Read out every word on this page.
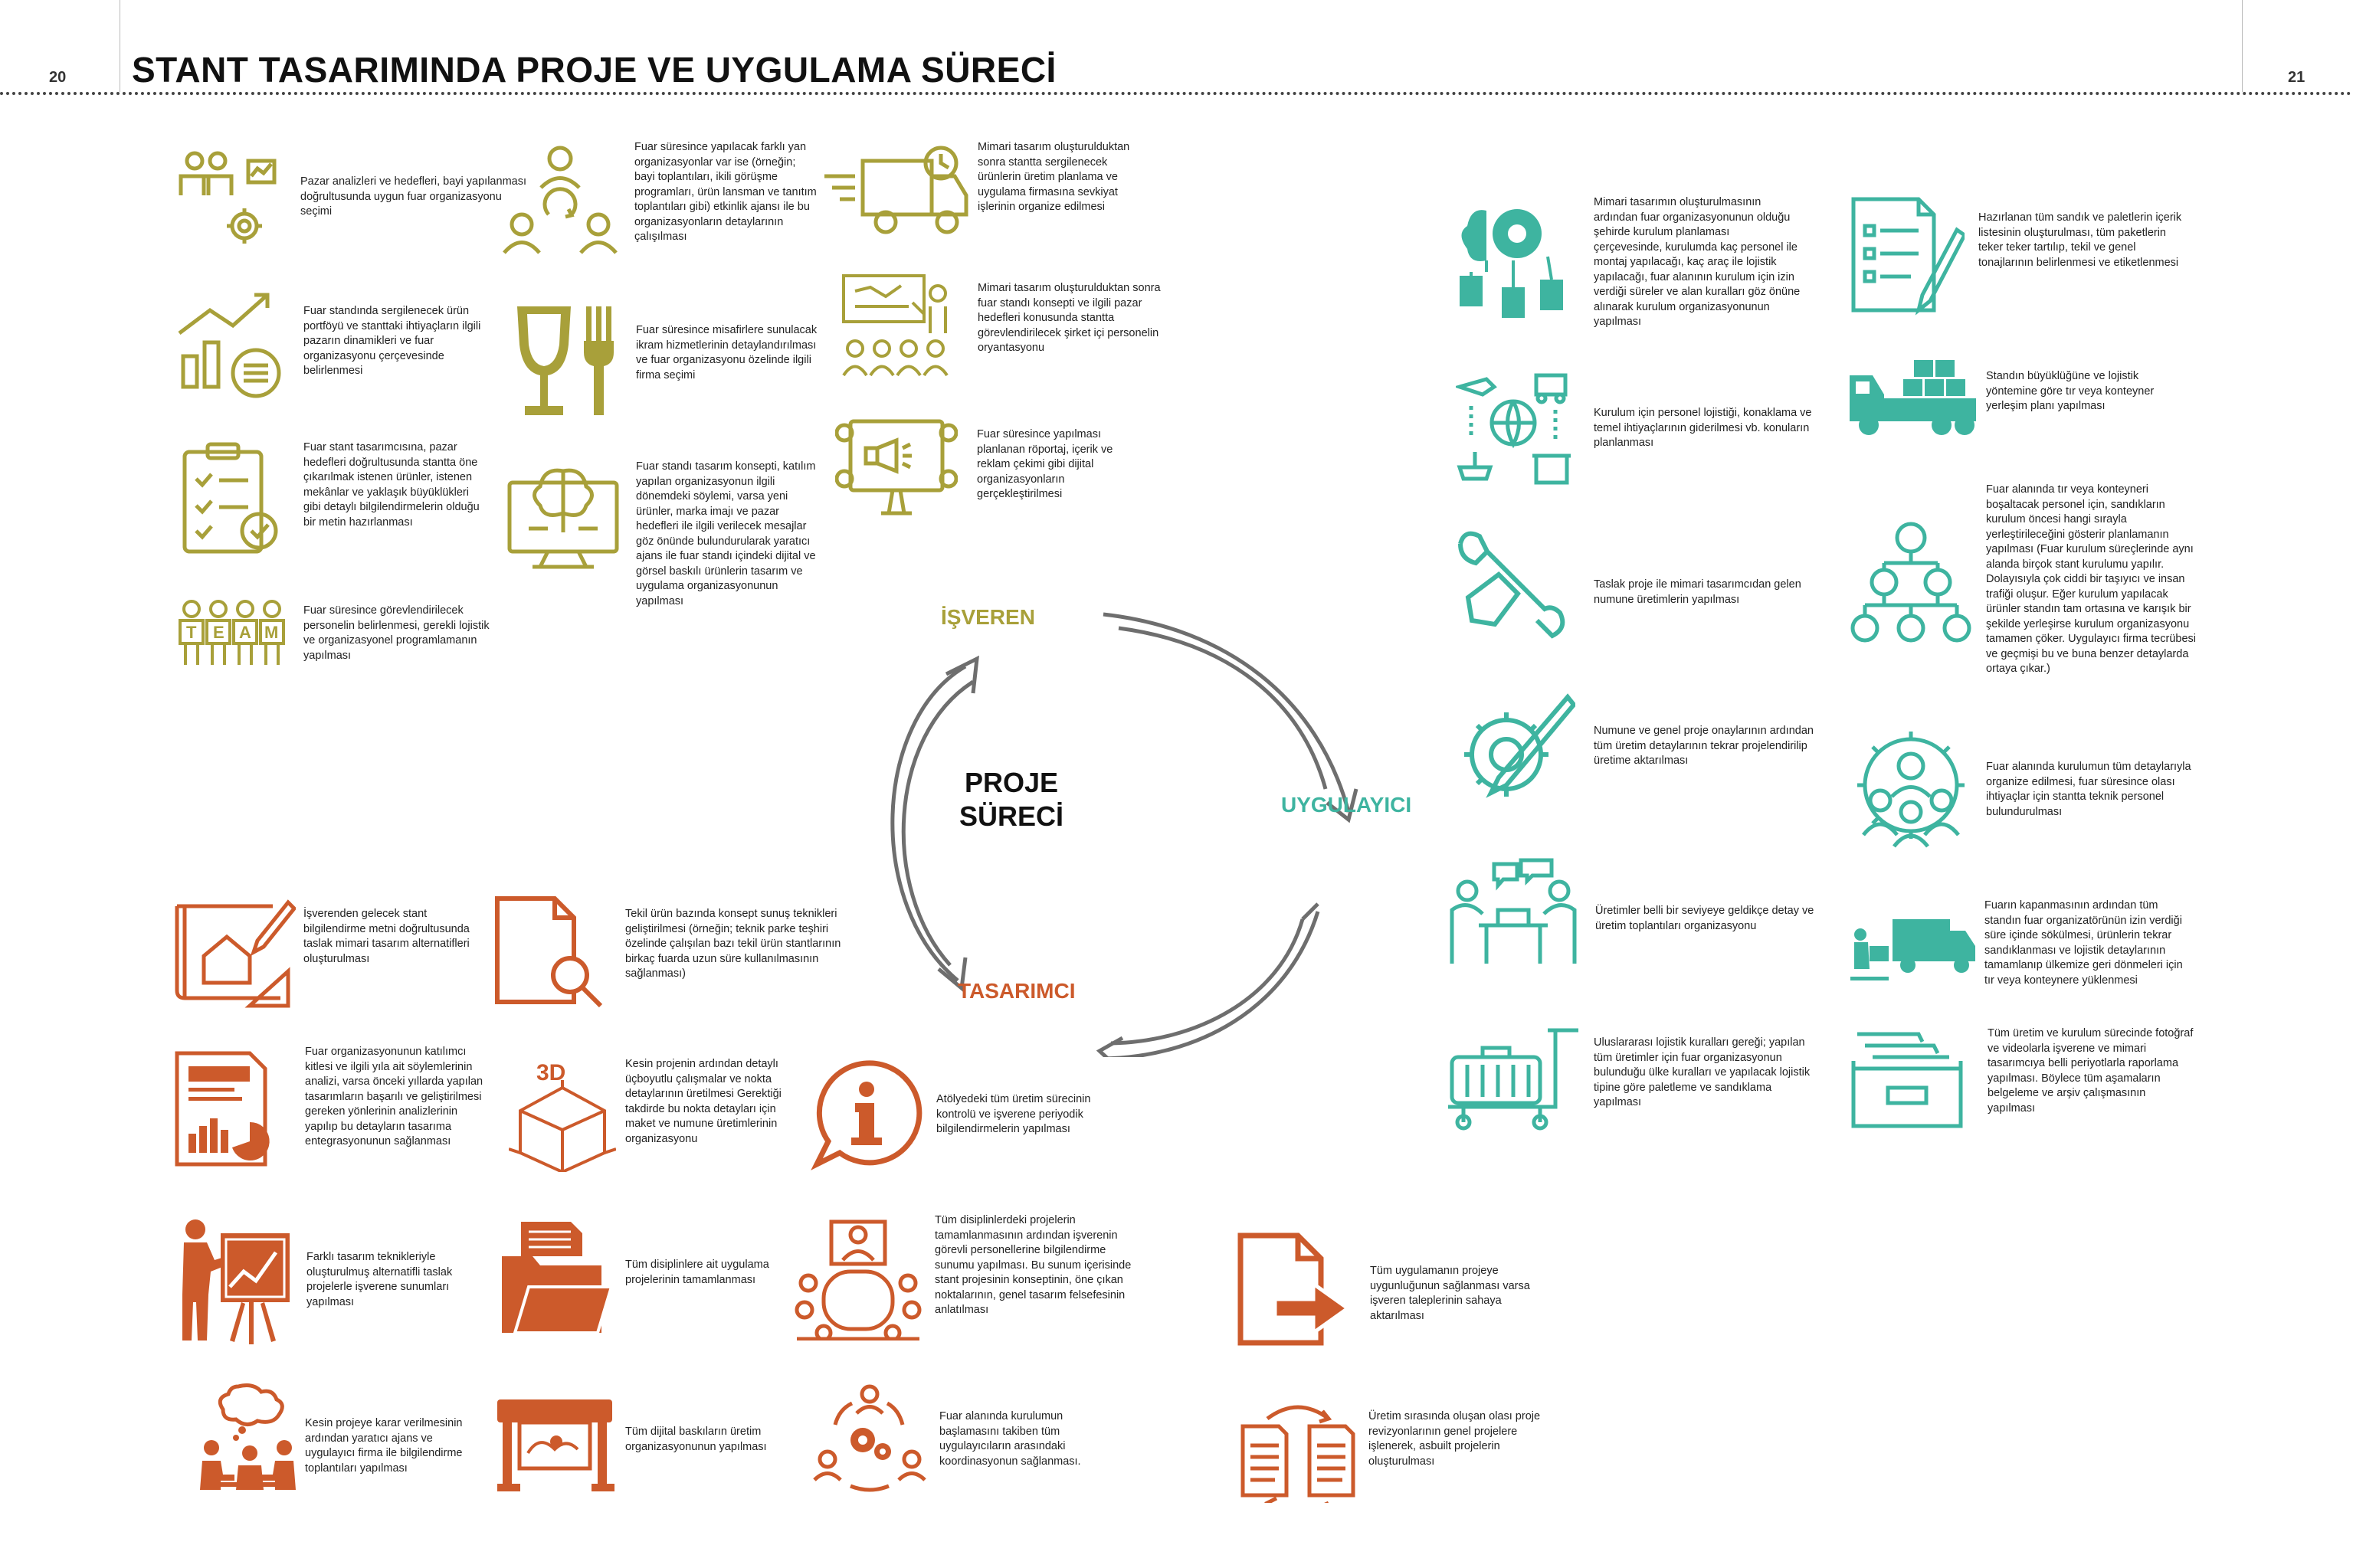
20	21
STANT TASARIMINDA PROJE VE UYGULAMA SÜRECİ
PROJE
SÜRECİ
İŞVEREN
UYGULAYICI
TASARIMCI
Pazar analizleri ve hedefleri, bayi yapılanması doğrultusunda uygun fuar organizasyonu seçimi
Fuar standında sergilenecek ürün portföyü ve stanttaki ihtiyaçların ilgili pazarın dinamikleri ve fuar organizasyonu çerçevesinde belirlenmesi
Fuar stant tasarımcısına, pazar hedefleri doğrultusunda stantta öne çıkarılmak istenen ürünler, istenen mekânlar ve yaklaşık büyüklükleri gibi detaylı bilgilendirmelerin olduğu bir metin hazırlanması
T E A M
Fuar süresince görevlendirilecek personelin belirlenmesi, gerekli lojistik ve organizasyonel programlamanın yapılması
Fuar süresince yapılacak farklı yan organizasyonlar var ise (örneğin; bayi toplantıları, ikili görüşme programları, ürün lansman ve tanıtım toplantıları gibi) etkinlik ajansı ile bu organizasyonların detaylarının çalışılması
Fuar süresince misafirlere sunulacak ikram hizmetlerinin detaylandırılması ve fuar organizasyonu özelinde ilgili firma seçimi
Fuar standı tasarım konsepti, katılım yapılan organizasyonun ilgili dönemdeki söylemi, varsa yeni ürünler, marka imajı ve pazar hedefleri ile ilgili verilecek mesajlar göz önünde bulundurularak yaratıcı ajans ile fuar standı içindeki dijital ve görsel baskılı ürünlerin tasarım ve uygulama organizasyonunun yapılması
Mimari tasarım oluşturulduktan sonra stantta sergilenecek ürünlerin üretim planlama ve uygulama firmasına sevkiyat işlerinin organize edilmesi
Mimari tasarım oluşturulduktan sonra fuar standı konsepti ve ilgili pazar hedefleri konusunda stantta görevlendirilecek şirket içi personelin oryantasyonu
Fuar süresince yapılması planlanan röportaj, içerik ve reklam çekimi gibi dijital organizasyonların gerçekleştirilmesi
Mimari tasarımın oluşturulmasının ardından fuar organizasyonunun olduğu şehirde kurulum planlaması çerçevesinde, kurulumda kaç personel ile montaj yapılacağı, kaç araç ile lojistik yapılacağı, fuar alanının kurulum için izin verdiği süreler ve alan kuralları göz önüne alınarak kurulum organizasyonunun yapılması
Kurulum için personel lojistiği, konaklama ve temel ihtiyaçlarının giderilmesi vb. konuların planlanması
Taslak proje ile mimari tasarımcıdan gelen numune üretimlerin yapılması
Numune ve genel proje onaylarının ardından tüm üretim detaylarının tekrar projelendirilip üretime aktarılması
Üretimler belli bir seviyeye geldikçe detay ve üretim toplantıları organizasyonu
Uluslararası lojistik kuralları gereği; yapılan tüm üretimler için fuar organizasyonun bulunduğu ülke kuralları ve yapılacak lojistik tipine göre paletleme ve sandıklama yapılması
Hazırlanan tüm sandık ve paletlerin içerik listesinin oluşturulması, tüm paketlerin teker teker tartılıp, tekil ve genel tonajlarının belirlenmesi ve etiketlenmesi
Standın büyüklüğüne ve lojistik yöntemine göre tır veya konteyner yerleşim planı yapılması
Fuar alanında tır veya konteyneri boşaltacak personel için, sandıkların kurulum öncesi hangi sırayla yerleştirileceğini gösterir planlamanın yapılması (Fuar kurulum süreçlerinde aynı alanda birçok stant kurulumu yapılır. Dolayısıyla çok ciddi bir taşıyıcı ve insan trafiği oluşur. Eğer kurulum yapılacak ürünler standın tam ortasına ve karışık bir şekilde yerleşirse kurulum organizasyonu tamamen çöker. Uygulayıcı firma tecrübesi ve geçmişi bu ve buna benzer detaylarda ortaya çıkar.)
Fuar alanında kurulumun tüm detaylarıyla organize edilmesi, fuar süresince olası ihtiyaçlar için stantta teknik personel bulundurulması
Fuarın kapanmasının ardından tüm standın fuar organizatörünün izin verdiği süre içinde sökülmesi, ürünlerin tekrar sandıklanması ve lojistik detaylarının tamamlanıp ülkemize geri dönmeleri için tır veya konteynere yüklenmesi
Tüm üretim ve kurulum sürecinde fotoğraf ve videolarla işverene ve mimari tasarımcıya belli periyotlarla raporlama yapılması. Böylece tüm aşamaların belgeleme ve arşiv çalışmasının yapılması
İşverenden gelecek stant bilgilendirme metni doğrultusunda taslak mimari tasarım alternatifleri oluşturulması
Tekil ürün bazında konsept sunuş teknikleri geliştirilmesi (örneğin; teknik parke teşhiri özelinde çalışılan bazı tekil ürün stantlarının birkaç fuarda uzun süre kullanılmasının sağlanması)
Fuar organizasyonunun katılımcı kitlesi ve ilgili yıla ait söylemlerinin analizi, varsa önceki yıllarda yapılan tasarımların başarılı ve geliştirilmesi gereken yönlerinin analizlerinin yapılıp bu detayların tasarıma entegrasyonunun sağlanması
3D	Kesin projenin ardından detaylı üçboyutlu çalışmalar ve nokta detaylarının üretilmesi Gerektiği takdirde bu nokta detayları için maket ve numune üretimlerinin organizasyonu
Atölyedeki tüm üretim sürecinin kontrolü ve işverene periyodik bilgilendirmelerin yapılması
Farklı tasarım teknikleriyle oluşturulmuş alternatifli taslak projelerle işverene sunumları yapılması
Tüm disiplinlere ait uygulama projelerinin tamamlanması
Tüm disiplinlerdeki projelerin tamamlanmasının ardından işverenin görevli personellerine bilgilendirme sunumu yapılması. Bu sunum içerisinde stant projesinin konseptinin, öne çıkan noktalarının, genel tasarım felsefesinin anlatılması
Tüm uygulamanın projeye uygunluğunun sağlanması varsa işveren taleplerinin sahaya aktarılması
Kesin projeye karar verilmesinin ardından yaratıcı ajans ve uygulayıcı firma ile bilgilendirme toplantıları yapılması
Tüm dijital baskıların üretim organizasyonunun yapılması
Fuar alanında kurulumun başlamasını takiben tüm uygulayıcıların arasındaki koordinasyonun sağlanması.
Üretim sırasında oluşan olası proje revizyonlarının genel projelere işlenerek, asbuilt projelerin oluşturulması
